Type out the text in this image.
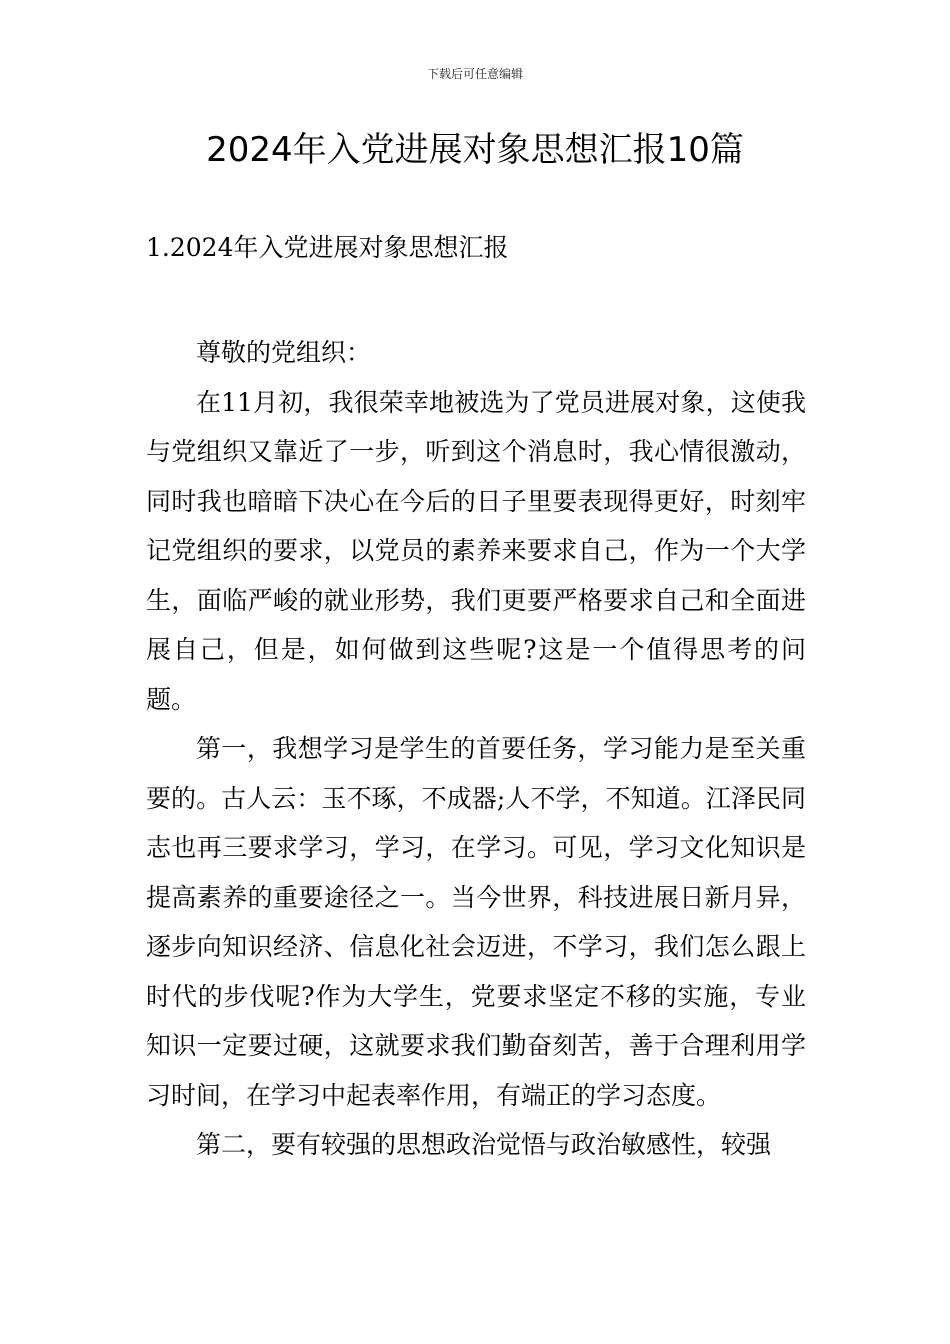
下载后可任意编辑
2024年入党进展对象思想汇报10篇
1.2024年入党进展对象思想汇报

尊敬的党组织：

在11月初，我很荣幸地被选为了党员进展对象，这使我与党组织又靠近了一步，听到这个消息时，我心情很激动，同时我也暗暗下决心在今后的日子里要表现得更好，时刻牢记党组织的要求，以党员的素养来要求自己，作为一个大学生，面临严峻的就业形势，我们更要严格要求自己和全面进展自己，但是，如何做到这些呢?这是一个值得思考的问题。

第一，我想学习是学生的首要任务，学习能力是至关重要的。古人云：玉不琢，不成器;人不学，不知道。江泽民同志也再三要求学习，学习，在学习。可见，学习文化知识是提高素养的重要途径之一。当今世界，科技进展日新月异，逐步向知识经济、信息化社会迈进，不学习，我们怎么跟上时代的步伐呢?作为大学生，党要求坚定不移的实施，专业知识一定要过硬，这就要求我们勤奋刻苦，善于合理利用学习时间，在学习中起表率作用，有端正的学习态度。

第二，要有较强的思想政治觉悟与政治敏感性，较强
